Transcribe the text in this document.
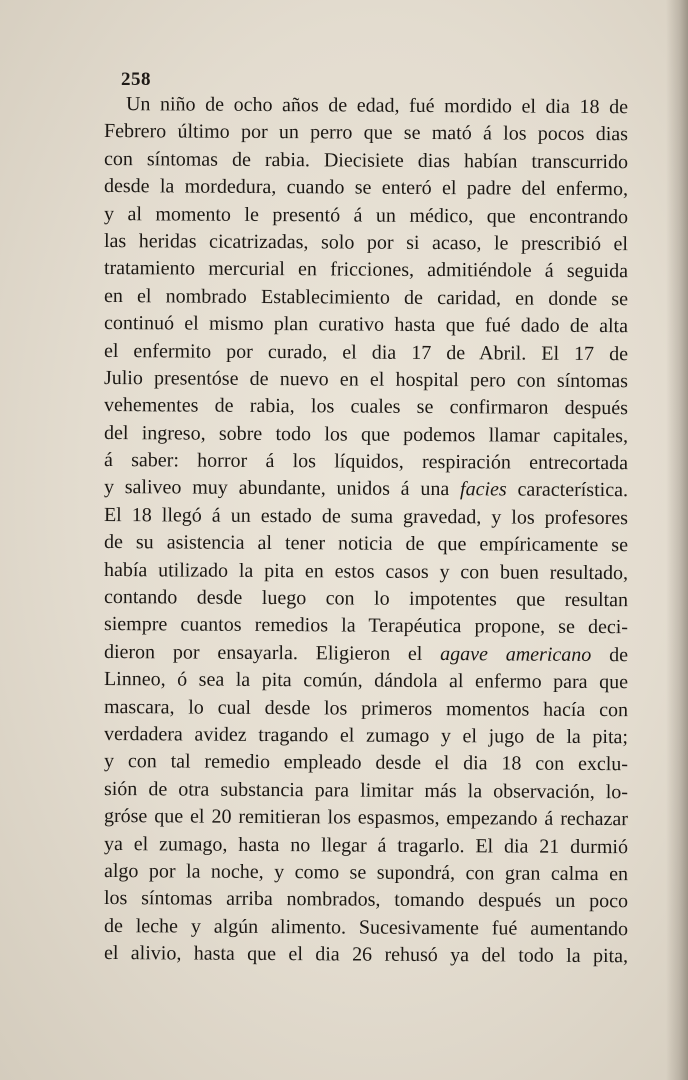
258

Un niño de ocho años de edad, fué mordido el dia 18 de
Febrero último por un perro que se mató á los pocos dias
con síntomas de rabia. Diecisiete dias habían transcurrido
desde la mordedura, cuando se enteró el padre del enfermo,
y al momento le presentó á un médico, que encontrando
las heridas cicatrizadas, solo por si acaso, le prescribió el
tratamiento mercurial en fricciones, admitiéndole á seguida
en el nombrado Establecimiento de caridad, en donde se
continuó el mismo plan curativo hasta que fué dado de alta
el enfermito por curado, el dia 17 de Abril. El 17 de
Julio presentóse de nuevo en el hospital pero con síntomas
vehementes de rabia, los cuales se confirmaron después
del ingreso, sobre todo los que podemos llamar capitales,
á saber: horror á los líquidos, respiración entrecortada
y saliveo muy abundante, unidos á una facies característica.
El 18 llegó á un estado de suma gravedad, y los profesores
de su asistencia al tener noticia de que empíricamente se
había utilizado la pita en estos casos y con buen resultado,
contando desde luego con lo impotentes que resultan
siempre cuantos remedios la Terapéutica propone, se deci-
dieron por ensayarla. Eligieron el agave americano de
Linneo, ó sea la pita común, dándola al enfermo para que
mascara, lo cual desde los primeros momentos hacía con
verdadera avidez tragando el zumago y el jugo de la pita;
y con tal remedio empleado desde el dia 18 con exclu-
sión de otra substancia para limitar más la observación, lo-
gróse que el 20 remitieran los espasmos, empezando á rechazar
ya el zumago, hasta no llegar á tragarlo. El dia 21 durmió
algo por la noche, y como se supondrá, con gran calma en
los síntomas arriba nombrados, tomando después un poco
de leche y algún alimento. Sucesivamente fué aumentando
el alivio, hasta que el dia 26 rehusó ya del todo la pita,
